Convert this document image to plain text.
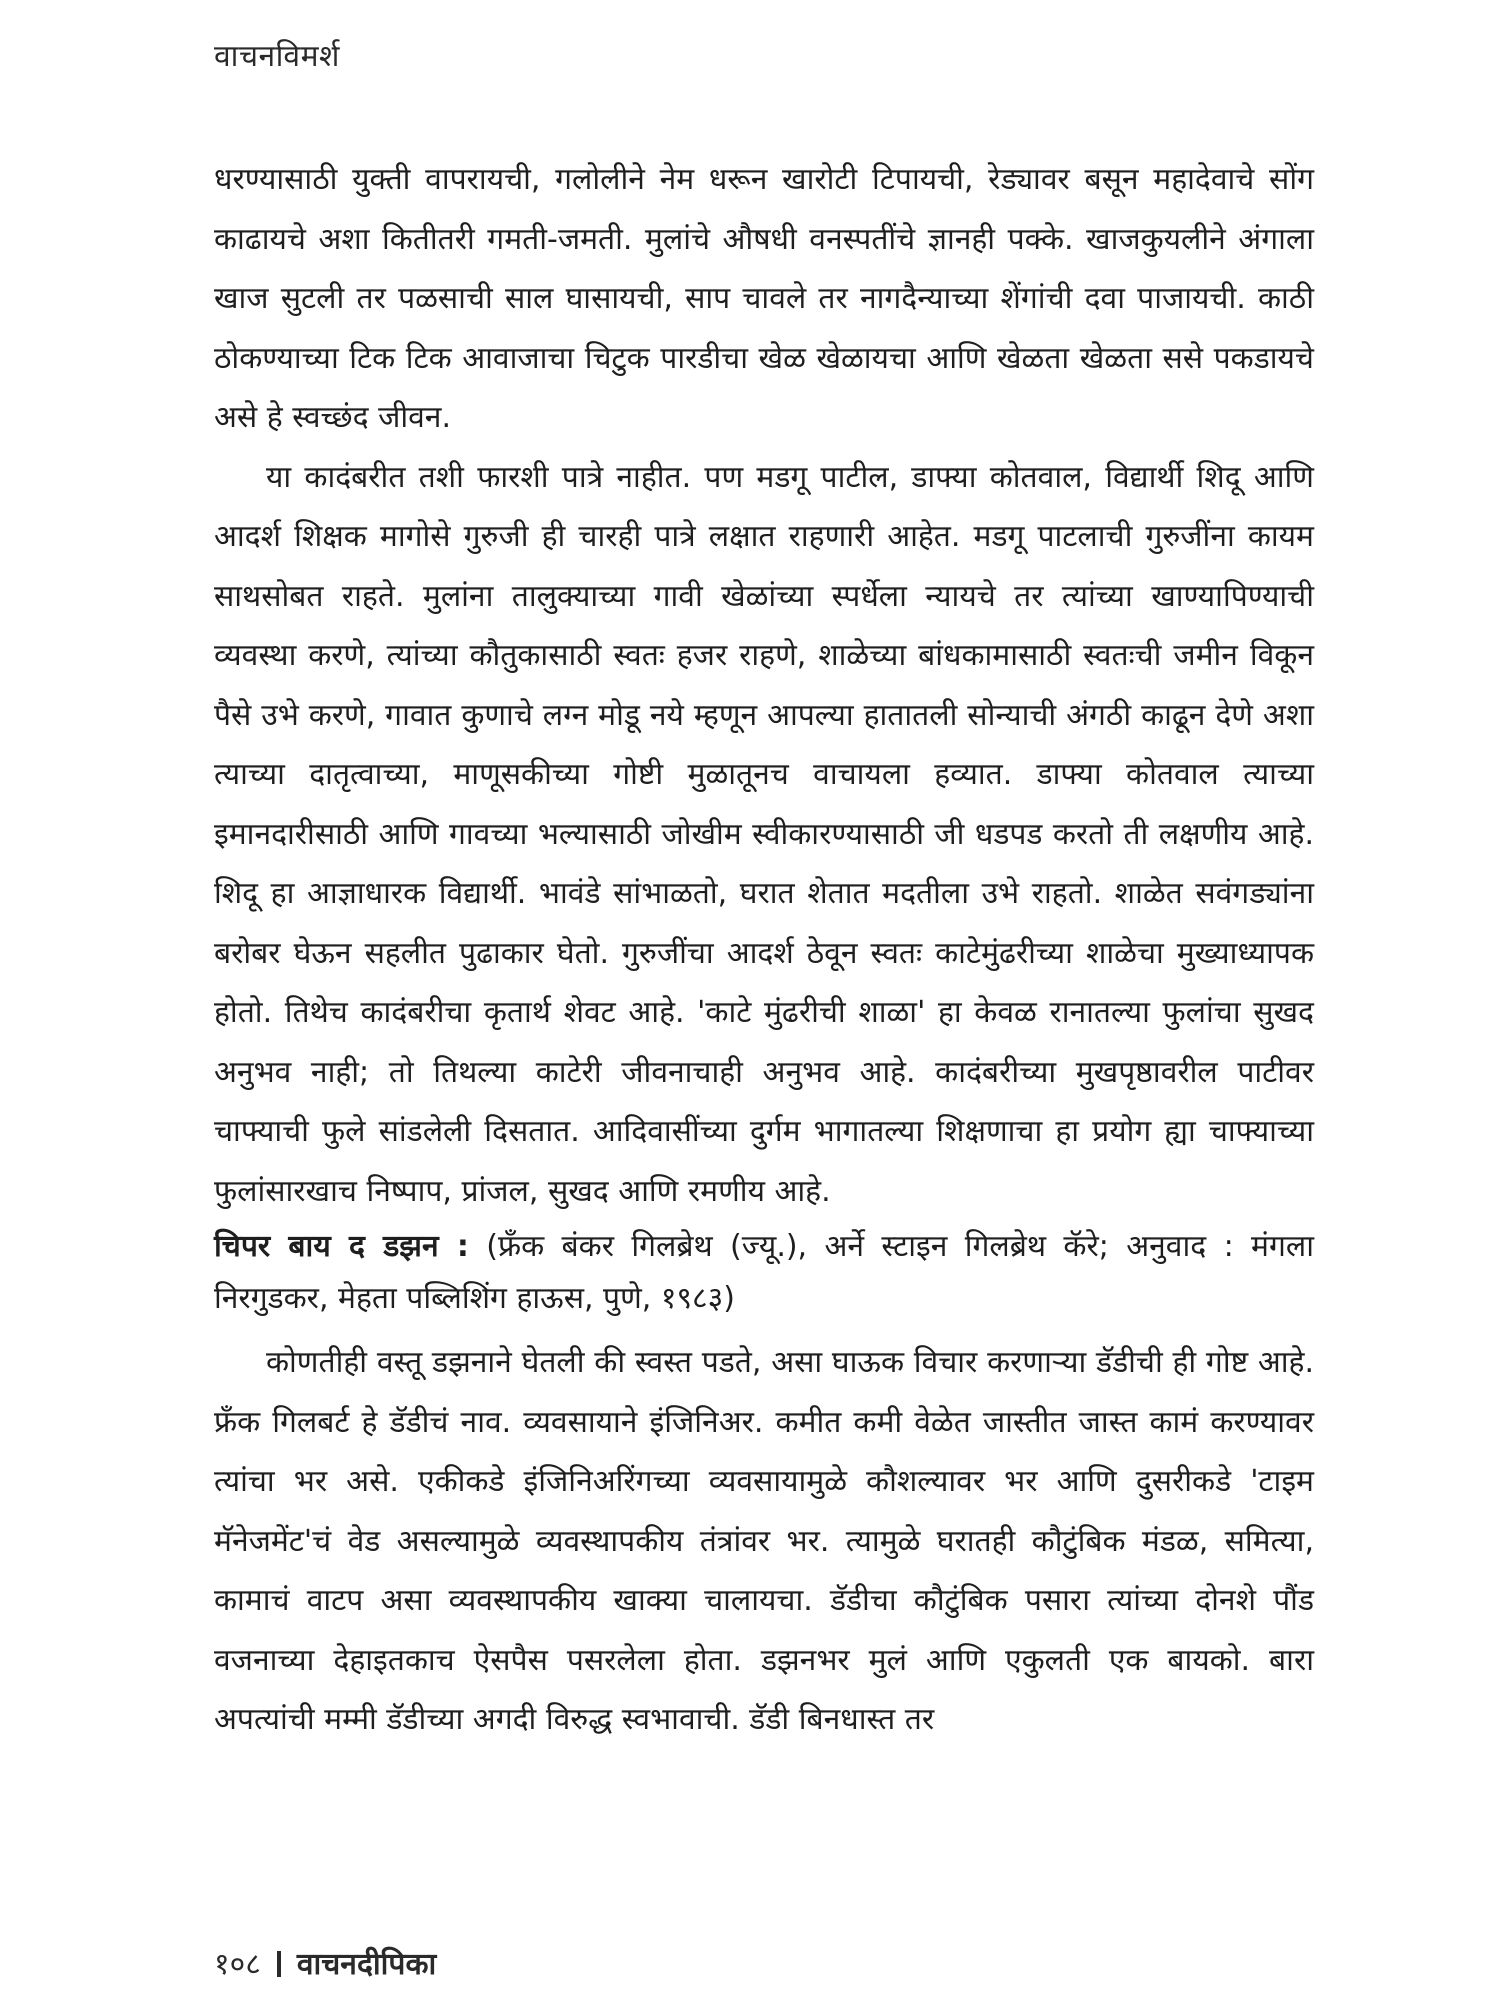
वाचनविमर्श

धरण्यासाठी युक्ती वापरायची, गलोलीने नेम धरून खारोटी टिपायची, रेड्यावर बसून महादेवाचे सोंग काढायचे अशा कितीतरी गमती-जमती. मुलांचे औषधी वनस्पतींचे ज्ञानही पक्के. खाजकुयलीने अंगाला खाज सुटली तर पळसाची साल घासायची, साप चावले तर नागदैन्याच्या शेंगांची दवा पाजायची. काठी ठोकण्याच्या टिक टिक आवाजाचा चिटुक पारडीचा खेळ खेळायचा आणि खेळता खेळता ससे पकडायचे असे हे स्वच्छंद जीवन.

या कादंबरीत तशी फारशी पात्रे नाहीत. पण मडगू पाटील, डाफ्या कोतवाल, विद्यार्थी शिदू आणि आदर्श शिक्षक मागोसे गुरुजी ही चारही पात्रे लक्षात राहणारी आहेत. मडगू पाटलाची गुरुजींना कायम साथसोबत राहते. मुलांना तालुक्याच्या गावी खेळांच्या स्पर्धेला न्यायचे तर त्यांच्या खाण्यापिण्याची व्यवस्था करणे, त्यांच्या कौतुकासाठी स्वतः हजर राहणे, शाळेच्या बांधकामासाठी स्वतःची जमीन विकून पैसे उभे करणे, गावात कुणाचे लग्न मोडू नये म्हणून आपल्या हातातली सोन्याची अंगठी काढून देणे अशा त्याच्या दातृत्वाच्या, माणूसकीच्या गोष्टी मुळातूनच वाचायला हव्यात. डाफ्या कोतवाल त्याच्या इमानदारीसाठी आणि गावच्या भल्यासाठी जोखीम स्वीकारण्यासाठी जी धडपड करतो ती लक्षणीय आहे. शिदू हा आज्ञाधारक विद्यार्थी. भावंडे सांभाळतो, घरात शेतात मदतीला उभे राहतो. शाळेत सवंगड्यांना बरोबर घेऊन सहलीत पुढाकार घेतो. गुरुजींचा आदर्श ठेवून स्वतः काटेमुंढरीच्या शाळेचा मुख्याध्यापक होतो. तिथेच कादंबरीचा कृतार्थ शेवट आहे. 'काटे मुंढरीची शाळा' हा केवळ रानातल्या फुलांचा सुखद अनुभव नाही; तो तिथल्या काटेरी जीवनाचाही अनुभव आहे. कादंबरीच्या मुखपृष्ठावरील पाटीवर चाफ्याची फुले सांडलेली दिसतात. आदिवासींच्या दुर्गम भागातल्या शिक्षणाचा हा प्रयोग ह्या चाफ्याच्या फुलांसारखाच निष्पाप, प्रांजल, सुखद आणि रमणीय आहे.

चिपर बाय द डझन : (फ्रँक बंकर गिलब्रेथ (ज्यू.), अर्ने स्टाइन गिलब्रेथ कॅरे; अनुवाद : मंगला निरगुडकर, मेहता पब्लिशिंग हाऊस, पुणे, १९८३)

कोणतीही वस्तू डझनाने घेतली की स्वस्त पडते, असा घाऊक विचार करणाऱ्या डॅडीची ही गोष्ट आहे. फ्रँक गिलबर्ट हे डॅडीचं नाव. व्यवसायाने इंजिनिअर. कमीत कमी वेळेत जास्तीत जास्त कामं करण्यावर त्यांचा भर असे. एकीकडे इंजिनिअरिंगच्या व्यवसायामुळे कौशल्यावर भर आणि दुसरीकडे 'टाइम मॅनेजमेंट'चं वेड असल्यामुळे व्यवस्थापकीय तंत्रांवर भर. त्यामुळे घरातही कौटुंबिक मंडळ, समित्या, कामाचं वाटप असा व्यवस्थापकीय खाक्या चालायचा. डॅडीचा कौटुंबिक पसारा त्यांच्या दोनशे पौंड वजनाच्या देहाइतकाच ऐसपैस पसरलेला होता. डझनभर मुलं आणि एकुलती एक बायको. बारा अपत्यांची मम्मी डॅडीच्या अगदी विरुद्ध स्वभावाची. डॅडी बिनधास्त तर

१०८ वाचनदीपिका
